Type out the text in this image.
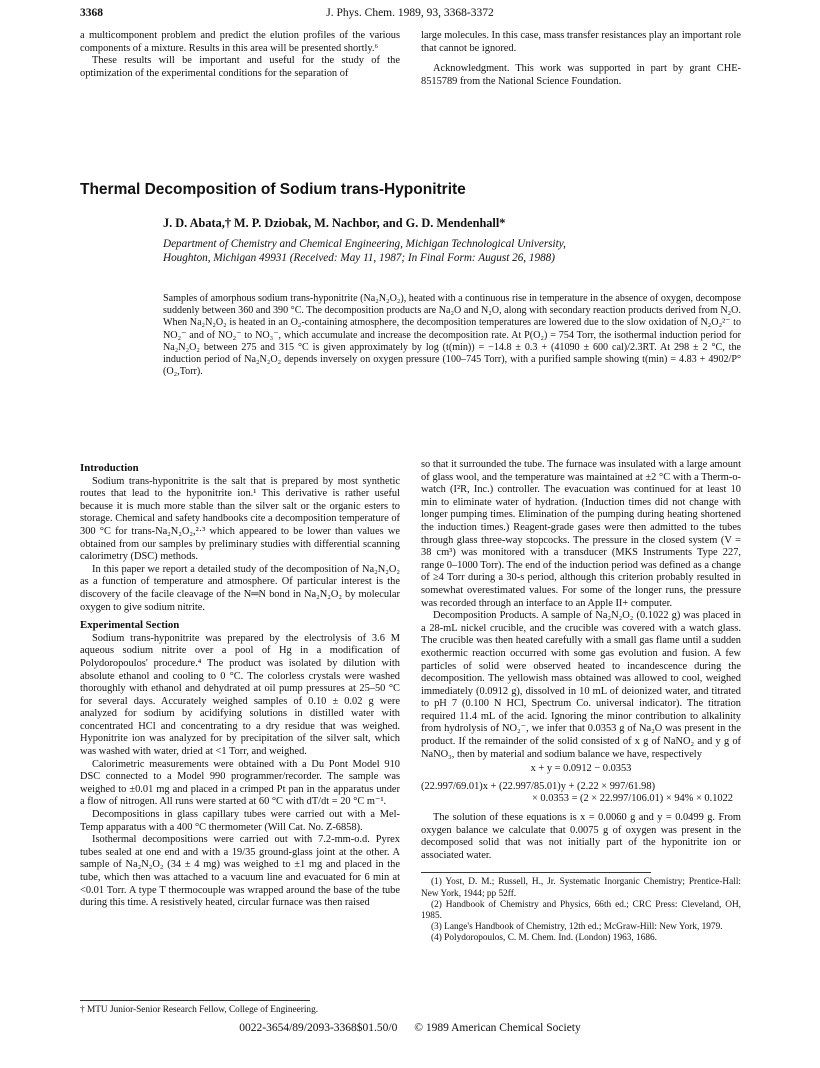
3368	J. Phys. Chem. 1989, 93, 3368-3372

a multicomponent problem and predict the elution profiles of the various components of a mixture. Results in this area will be presented shortly.⁶

These results will be important and useful for the study of the optimization of the experimental conditions for the separation of

large molecules. In this case, mass transfer resistances play an important role that cannot be ignored.

Acknowledgment. This work was supported in part by grant CHE-8515789 from the National Science Foundation.

Thermal Decomposition of Sodium trans-Hyponitrite
J. D. Abata,† M. P. Dziobak, M. Nachbor, and G. D. Mendenhall*
Department of Chemistry and Chemical Engineering, Michigan Technological University,
Houghton, Michigan 49931 (Received: May 11, 1987; In Final Form: August 26, 1988)
Samples of amorphous sodium trans-hyponitrite (Na₂N₂O₂), heated with a continuous rise in temperature in the absence of oxygen, decompose suddenly between 360 and 390 °C. The decomposition products are Na₂O and N₂O, along with secondary reaction products derived from N₂O. When Na₂N₂O₂ is heated in an O₂-containing atmosphere, the decomposition temperatures are lowered due to the slow oxidation of N₂O₂²⁻ to NO₂⁻ and of NO₂⁻ to NO₃⁻, which accumulate and increase the decomposition rate. At P(O₂) = 754 Torr, the isothermal induction period for Na₂N₂O₂ between 275 and 315 °C is given approximately by log (t(min)) = −14.8 ± 0.3 + (41090 ± 600 cal)/2.3RT. At 298 ± 2 °C, the induction period of Na₂N₂O₂ depends inversely on oxygen pressure (100–745 Torr), with a purified sample showing t(min) = 4.83 + 4902/P°(O₂,Torr).
Introduction

Sodium trans-hyponitrite is the salt that is prepared by most synthetic routes that lead to the hyponitrite ion.¹ This derivative is rather useful because it is much more stable than the silver salt or the organic esters to storage. Chemical and safety handbooks cite a decomposition temperature of 300 °C for trans-Na₂N₂O₂,²·³ which appeared to be lower than values we obtained from our samples by preliminary studies with differential scanning calorimetry (DSC) methods.

In this paper we report a detailed study of the decomposition of Na₂N₂O₂ as a function of temperature and atmosphere. Of particular interest is the discovery of the facile cleavage of the N═N bond in Na₂N₂O₂ by molecular oxygen to give sodium nitrite.

Experimental Section

Sodium trans-hyponitrite was prepared by the electrolysis of 3.6 M aqueous sodium nitrite over a pool of Hg in a modification of Polydoropoulos' procedure.⁴ The product was isolated by dilution with absolute ethanol and cooling to 0 °C. The colorless crystals were washed thoroughly with ethanol and dehydrated at oil pump pressures at 25–50 °C for several days. Accurately weighed samples of 0.10 ± 0.02 g were analyzed for sodium by acidifying solutions in distilled water with concentrated HCl and concentrating to a dry residue that was weighed. Hyponitrite ion was analyzed for by precipitation of the silver salt, which was washed with water, dried at <1 Torr, and weighed.

Calorimetric measurements were obtained with a Du Pont Model 910 DSC connected to a Model 990 programmer/recorder. The sample was weighed to ±0.01 mg and placed in a crimped Pt pan in the apparatus under a flow of nitrogen. All runs were started at 60 °C with dT/dt = 20 °C m⁻¹.

Decompositions in glass capillary tubes were carried out with a Mel-Temp apparatus with a 400 °C thermometer (Will Cat. No. Z-6858).

Isothermal decompositions were carried out with 7.2-mm-o.d. Pyrex tubes sealed at one end and with a 19/35 ground-glass joint at the other. A sample of Na₂N₂O₂ (34 ± 4 mg) was weighed to ±1 mg and placed in the tube, which then was attached to a vacuum line and evacuated for 6 min at <0.01 Torr. A type T thermocouple was wrapped around the base of the tube during this time. A resistively heated, circular furnace was then raised

† MTU Junior-Senior Research Fellow, College of Engineering.

so that it surrounded the tube. The furnace was insulated with a large amount of glass wool, and the temperature was maintained at ±2 °C with a Therm-o-watch (I²R, Inc.) controller. The evacuation was continued for at least 10 min to eliminate water of hydration. (Induction times did not change with longer pumping times. Elimination of the pumping during heating shortened the induction times.) Reagent-grade gases were then admitted to the tubes through glass three-way stopcocks. The pressure in the closed system (V = 38 cm³) was monitored with a transducer (MKS Instruments Type 227, range 0–1000 Torr). The end of the induction period was defined as a change of ≥4 Torr during a 30-s period, although this criterion probably resulted in somewhat overestimated values. For some of the longer runs, the pressure was recorded through an interface to an Apple II+ computer.

Decomposition Products. A sample of Na₂N₂O₂ (0.1022 g) was placed in a 28-mL nickel crucible, and the crucible was covered with a watch glass. The crucible was then heated carefully with a small gas flame until a sudden exothermic reaction occurred with some gas evolution and fusion. A few particles of solid were observed heated to incandescence during the decomposition. The yellowish mass obtained was allowed to cool, weighed immediately (0.0912 g), dissolved in 10 mL of deionized water, and titrated to pH 7 (0.100 N HCl, Spectrum Co. universal indicator). The titration required 11.4 mL of the acid. Ignoring the minor contribution to alkalinity from hydrolysis of NO₂⁻, we infer that 0.0353 g of Na₂O was present in the product. If the remainder of the solid consisted of x g of NaNO₂ and y g of NaNO₃, then by material and sodium balance we have, respectively

x + y = 0.0912 − 0.0353
(22.997/69.01)x + (22.997/85.01)y + (2.22 × 997/61.98)
× 0.0353 = (2 × 22.997/106.01) × 94% × 0.1022

The solution of these equations is x = 0.0060 g and y = 0.0499 g. From oxygen balance we calculate that 0.0075 g of oxygen was present in the decomposed solid that was not initially part of the hyponitrite ion or associated water.

(1) Yost, D. M.; Russell, H., Jr. Systematic Inorganic Chemistry; Prentice-Hall: New York, 1944; pp 52ff.

(2) Handbook of Chemistry and Physics, 66th ed.; CRC Press: Cleveland, OH, 1985.

(3) Lange's Handbook of Chemistry, 12th ed.; McGraw-Hill: New York, 1979.

(4) Polydoropoulos, C. M. Chem. Ind. (London) 1963, 1686.

0022-3654/89/2093-3368$01.50/0 © 1989 American Chemical Society
